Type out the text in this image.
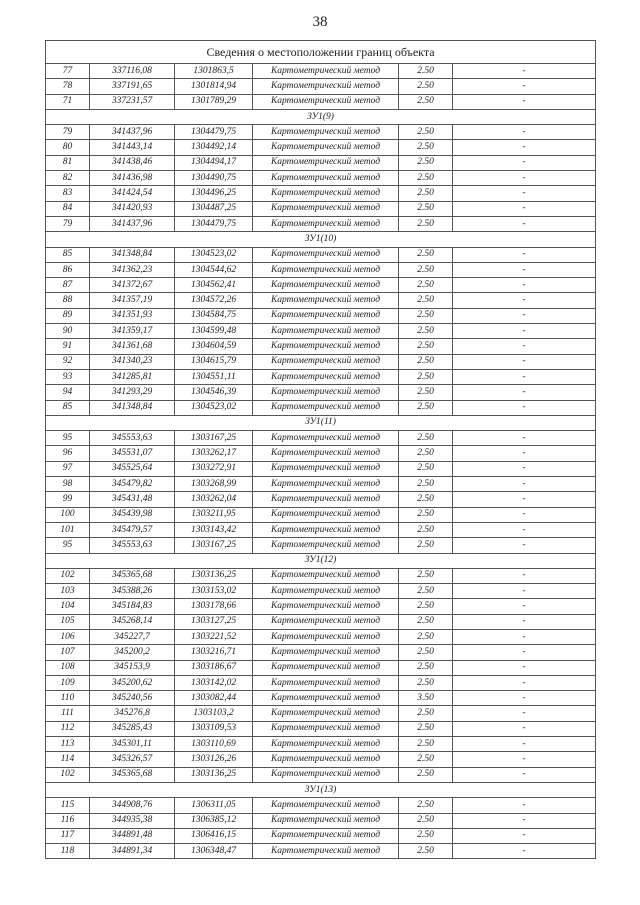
38
Сведения о местоположении границ объекта					
77	337116,08	1301863,5	Картометрический метод	2.50	-
78	337191,65	1301814,94	Картометрический метод	2.50	-
71	337231,57	1301789,29	Картометрический метод	2.50	-
ЗУ1(9)					
79	341437,96	1304479,75	Картометрический метод	2.50	-
80	341443,14	1304492,14	Картометрический метод	2.50	-
81	341438,46	1304494,17	Картометрический метод	2.50	-
82	341436,98	1304490,75	Картометрический метод	2.50	-
83	341424,54	1304496,25	Картометрический метод	2.50	-
84	341420,93	1304487,25	Картометрический метод	2.50	-
79	341437,96	1304479,75	Картометрический метод	2.50	-
ЗУ1(10)					
85	341348,84	1304523,02	Картометрический метод	2.50	-
86	341362,23	1304544,62	Картометрический метод	2.50	-
87	341372,67	1304562,41	Картометрический метод	2.50	-
88	341357,19	1304572,26	Картометрический метод	2.50	-
89	341351,93	1304584,75	Картометрический метод	2.50	-
90	341359,17	1304599,48	Картометрический метод	2.50	-
91	341361,68	1304604,59	Картометрический метод	2.50	-
92	341340,23	1304615,79	Картометрический метод	2.50	-
93	341285,81	1304551,11	Картометрический метод	2.50	-
94	341293,29	1304546,39	Картометрический метод	2.50	-
85	341348,84	1304523,02	Картометрический метод	2.50	-
ЗУ1(11)					
95	345553,63	1303167,25	Картометрический метод	2.50	-
96	345531,07	1303262,17	Картометрический метод	2.50	-
97	345525,64	1303272,91	Картометрический метод	2.50	-
98	345479,82	1303268,99	Картометрический метод	2.50	-
99	345431,48	1303262,04	Картометрический метод	2.50	-
100	345439,98	1303211,95	Картометрический метод	2.50	-
101	345479,57	1303143,42	Картометрический метод	2.50	-
95	345553,63	1303167,25	Картометрический метод	2.50	-
ЗУ1(12)					
102	345365,68	1303136,25	Картометрический метод	2.50	-
103	345388,26	1303153,02	Картометрический метод	2.50	-
104	345184,83	1303178,66	Картометрический метод	2.50	-
105	345268,14	1303127,25	Картометрический метод	2.50	-
106	345227,7	1303221,52	Картометрический метод	2.50	-
107	345200,2	1303216,71	Картометрический метод	2.50	-
108	345153,9	1303186,67	Картометрический метод	2.50	-
109	345200,62	1303142,02	Картометрический метод	2.50	-
110	345240,56	1303082,44	Картометрический метод	3.50	-
111	345276,8	1303103,2	Картометрический метод	2.50	-
112	345285,43	1303109,53	Картометрический метод	2.50	-
113	345301,11	1303110,69	Картометрический метод	2.50	-
114	345326,57	1303126,26	Картометрический метод	2.50	-
102	345365,68	1303136,25	Картометрический метод	2.50	-
ЗУ1(13)					
115	344908,76	1306311,05	Картометрический метод	2.50	-
116	344935,38	1306385,12	Картометрический метод	2.50	-
117	344891,48	1306416,15	Картометрический метод	2.50	-
118	344891,34	1306348,47	Картометрический метод	2.50	-
